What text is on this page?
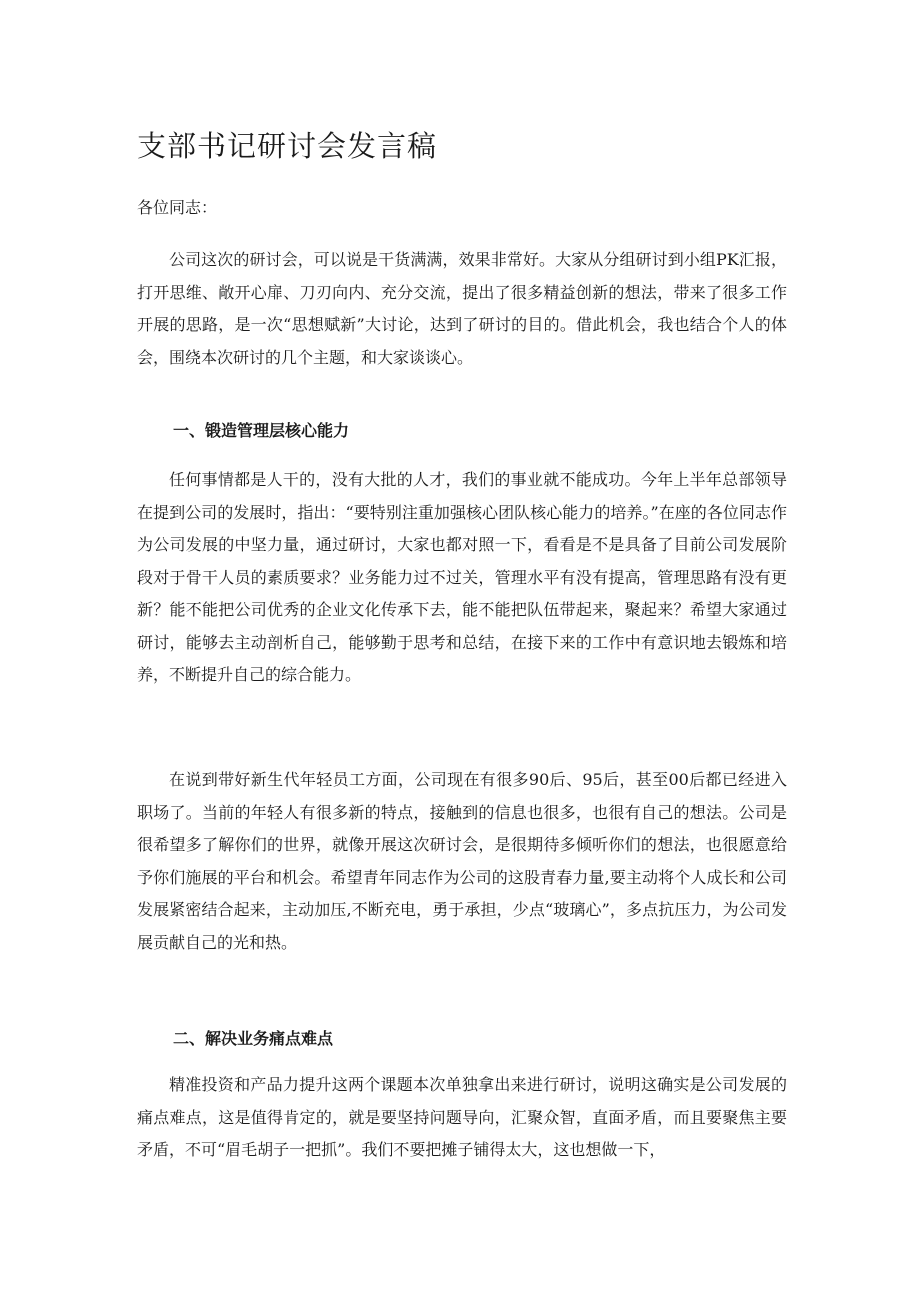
支部书记研讨会发言稿
各位同志：

公司这次的研讨会，可以说是干货满满，效果非常好。大家从分组研讨到小组PK汇报，打开思维、敞开心扉、刀刃向内、充分交流，提出了很多精益创新的想法，带来了很多工作开展的思路，是一次“思想赋新”大讨论，达到了研讨的目的。借此机会，我也结合个人的体会，围绕本次研讨的几个主题，和大家谈谈心。

一、锻造管理层核心能力

任何事情都是人干的，没有大批的人才，我们的事业就不能成功。今年上半年总部领导在提到公司的发展时，指出：“要特别注重加强核心团队核心能力的培养。”在座的各位同志作为公司发展的中坚力量，通过研讨，大家也都对照一下，看看是不是具备了目前公司发展阶段对于骨干人员的素质要求？业务能力过不过关，管理水平有没有提高，管理思路有没有更新？能不能把公司优秀的企业文化传承下去，能不能把队伍带起来，聚起来？希望大家通过研讨，能够去主动剖析自己，能够勤于思考和总结，在接下来的工作中有意识地去锻炼和培养，不断提升自己的综合能力。

在说到带好新生代年轻员工方面，公司现在有很多90后、95后，甚至00后都已经进入职场了。当前的年轻人有很多新的特点，接触到的信息也很多，也很有自己的想法。公司是很希望多了解你们的世界，就像开展这次研讨会，是很期待多倾听你们的想法，也很愿意给予你们施展的平台和机会。希望青年同志作为公司的这股青春力量,要主动将个人成长和公司发展紧密结合起来，主动加压,不断充电，勇于承担，少点“玻璃心”，多点抗压力，为公司发展贡献自己的光和热。

二、解决业务痛点难点

精准投资和产品力提升这两个课题本次单独拿出来进行研讨，说明这确实是公司发展的痛点难点，这是值得肯定的，就是要坚持问题导向，汇聚众智，直面矛盾，而且要聚焦主要矛盾，不可“眉毛胡子一把抓”。我们不要把摊子铺得太大，这也想做一下，
